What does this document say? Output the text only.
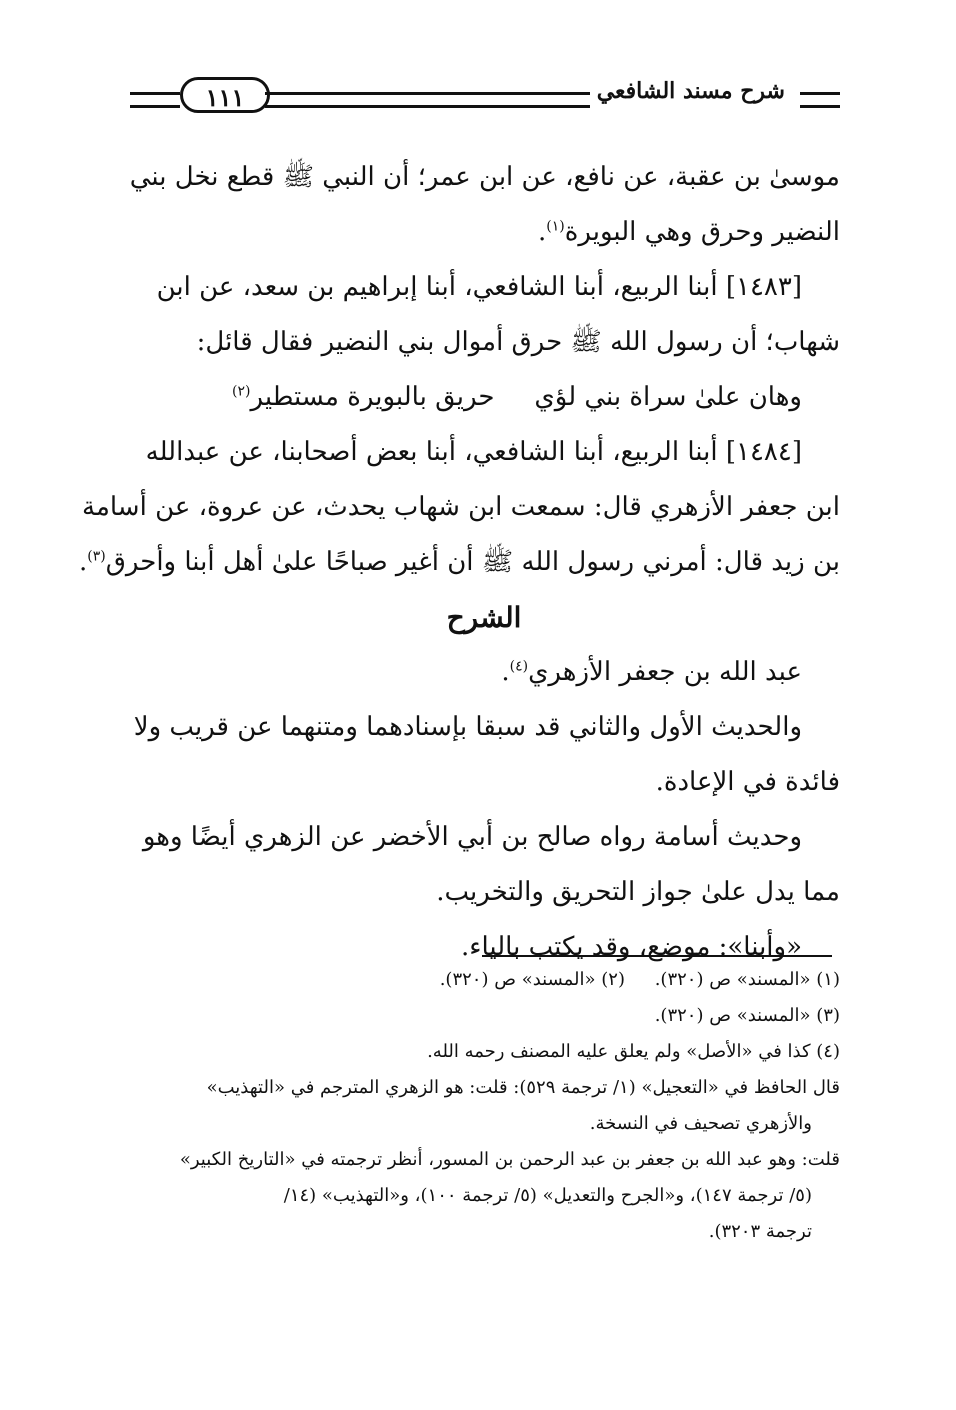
شرح مسند الشافعي
١١١

موسىٰ بن عقبة، عن نافع، عن ابن عمر؛ أن النبي ﷺ قطع نخل بني
النضير وحرق وهي البويرة$^{(١)}$.

[١٤٨٣] أبنا الربيع، أبنا الشافعي، أبنا إبراهيم بن سعد، عن ابن

شهاب؛ أن رسول الله ﷺ حرق أموال بني النضير فقال قائل:

وهان علىٰ سراة بني لؤي
حريق بالبويرة مستطير$^{(٢)}$

[١٤٨٤] أبنا الربيع، أبنا الشافعي، أبنا بعض أصحابنا، عن عبدالله

ابن جعفر الأزهري قال: سمعت ابن شهاب يحدث، عن عروة، عن أسامة
بن زيد قال: أمرني رسول الله ﷺ أن أغير صباحًا علىٰ أهل أبنا وأحرق$^{(٣)}$.

الشرح

عبد الله بن جعفر الأزهري$^{(٤)}$.

والحديث الأول والثاني قد سبقا بإسنادهما ومتنهما عن قريب ولا

فائدة في الإعادة.

وحديث أسامة رواه صالح بن أبي الأخضر عن الزهري أيضًا وهو

مما يدل علىٰ جواز التحريق والتخريب.

«وأبنا»: موضع، وقد يكتب بالياء.

(١) «المسند» ص (٣٢٠).
(٢) «المسند» ص (٣٢٠).
(٣) «المسند» ص (٣٢٠).
(٤) كذا في «الأصل» ولم يعلق عليه المصنف رحمه الله.
قال الحافظ في «التعجيل» (١/ ترجمة ٥٢٩): قلت: هو الزهري المترجم في «التهذيب»
والأزهري تصحيف في النسخة.
قلت: وهو عبد الله بن جعفر بن عبد الرحمن بن المسور، أنظر ترجمته في «التاريخ الكبير»
(٥/ ترجمة ١٤٧)، و«الجرح والتعديل» (٥/ ترجمة ١٠٠)، و«التهذيب» (١٤/
ترجمة ٣٢٠٣).
